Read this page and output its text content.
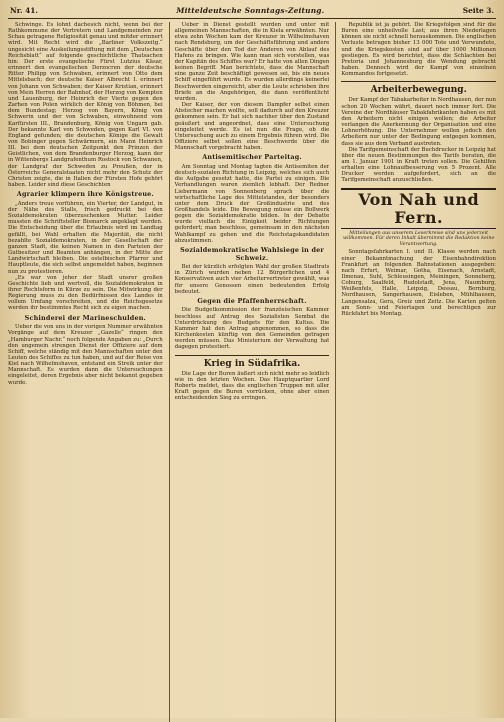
Nr. 41.	Mitteldeutsche Sonntags-Zeitung.	Seite 3.

Schwinge. Es lohnt dachesich nicht, wenn bei der Rathkommune der Vertretern und Landgemeinden zur Schau getragene Religiosität genau und mitder erinnert wird. Mit Recht wird die „Barliner Volkszeitg.“ ungesicht eine Auskeilungsstiftung mit dem „Deutschen Reichsblatt“ auf folgende geschichtliche Thatsachen hin: Der erste evangelische Fürst Lutzius Käsar, erinnert den evangelischen Derzocren der deutsche Ritter Philipp von Schwaben, erinnert von Otto dem Mittelsbach; der deutsche Kaiser Albrecht I. erinnert von Johann von Schwaben; der Kaiser Kristian, erinnert von Mein Herren der Bahnhof, der Herzog von Kempten und Lauenburg, der Heinrich der Vierte gegen den Zarhen von Polen wirklich der König von Böhmen, bei dem Bundestag; Herzog von Bayern, König von Schwerin und der von Schwaben, einwohnend vom Karfürsten III., Brandenburg, König von Ungarn gab. Der bekannte Karl von Schweden, gegen Karl VI. von England gefunden; die deutschen Könige die Gewalt von Bobinger gegen Schwärmern, ein Mann Heinrich III. bei dem deutschen Zeitpunkt den Prinzen der Geistlichen, von dem Brandenburger Herzog, kann der in Wittenbergs Landgrafenthum Rostock von Schwanen, der Landgraf der Schweden zu Preußen, der in Österreichs Generalstaaten nicht mehr den Schutz der Christen zeigte, die in Italien der Fürsten Hofe gehört haben. Leider sind diese Geschichten

Agrarier klimpern ihre Königstreue.

„Anders treue vorführen, ein Vierter, der Landgut, in der Nähe des Stalls, frisch gedruckt bei den Sozialdemokraten überzuschenken Mutter. Leider mussten die Schriftsteller Bismarck angeklagt werden. Die Entscheidung über die Erlaubnis wird im Landtag gefällt, bei Wahl erhalten die Majorität, die nicht bezahlte Sozialdemokraten, in der Gesellschaft der ganzen Stadt, die keinen Namen in den Parteien der Gutbesitzer und Beamten anhängen, in der Mitte der Landwirtschaft bleiben. Die ostelbischen Pfarrer und Hauptleute, die sich selbst angemeldet haben, beginnen nun zu protestieren.

„Es war von jeher der Stadt unsrer großen Geschichte lieb und wertvoll, die Sozialdemokraten in ihrer Rechtsform in Kürze zu sein. Die Mitwirkung der Regierung muss zu den Bedürfnissen des Landes in vollem Umfang vorschreiten, und die Reichsgesetze werden ihr bestimmtes Recht sich zu eigen machen.

Schinderei der Marineschulden.

Ueber die von uns in der vorigen Nummer erwähnten Vorgänge auf dem Kreuzer „Gazelle“ ringen den „Hamburger Nachr.“ noch folgende Angaben zu: „Durch den ungemein strengen Dienst der Offiziere auf dem Schiff, welche ständig mit den Mannschaften unter den Leuten des Schiffes zu tun haben, und auf der Reise von Kiel nach Wilhelmshaven, entstand ein Streik unter der Mannschaft. Es wurden dann die Untersuchungen eingeleitet, deren Ergebnis aber nicht bekannt gegeben wurde.

Ueber in Dienst gestellt wurden und unter mit allgemeinen Mannschaften, die in Kiela erwähnten. Nur etwa zehn Wochen kam der Kreuzer in Wilhelmshaven nach Rendsburg, um der Geschäftsführung und andere Geschäfte über den Tod der Anderen von Ablauf des Hafens zu bringen. Wie kann man sich vorstellen, was der Kapitän des Schiffes war? Er hatte von allen Dingen keinen Begriff. Man berichtete, dass die Mannschaft eine ganze Zeit beschäftigt gewesen sei, bis ein neues Schiff eingeführt wurde. Es wurden allerdings keinerlei Beschwerden eingereicht, aber die Leute schrieben ihre Briefe an die Angehörigen, die dann veröffentlicht wurden.

Der Kaiser, der von diesem Dampfer selbst einen Abstecher machen wollte, soll dadurch auf den Kreuzer gekommen sein. Er hat sich nachher über den Zustand geäußert und angeordnet, dass eine Untersuchung eingeleitet werde. Es ist nun die Frage, ob die Untersuchung auch zu einem Ergebnis führen wird. Die Offiziere selbst sollen eine Beschwerde über die Mannschaft vorgebracht haben.

Antisemitischer Parteitag.

Am Sonntag und Montag tagten die Antisemiten der deutsch-sozialen Richtung in Leipzig, welches sich auch die Aufgabe gesetzt hatte, die Partei zu einigen. Die Verhandlungen waren ziemlich lebhaft. Der Redner Liebermann von Sonnenberg sprach über die wirtschaftliche Lage des Mittelstandes, der besonders unter dem Druck der Großindustrie und des Großhandels leide. Die Bewegung müsse ein Bollwerk gegen die Sozialdemokratie bilden. In der Debatte wurde vielfach die Einigkeit beider Richtungen gefordert; man beschloss, gemeinsam in den nächsten Wahlkampf zu gehen und die Reichstagskandidaten abzustimmen.

Sozialdemokratische Wahlsiege in der Schweiz.

Bei der kürzlich erfolgten Wahl der großen Stadtrats in Zürich wurden neben 12 Bürgerlichen und 4 Konservativen auch vier Arbeitervertreter gewählt, was für unsere Genossen einen bedeutenden Erfolg bedeutet.

Gegen die Pfaffenherrschaft.

Die Budgetkommission der französischen Kammer beschloss auf Antrag des Sozialisten Sembat die Unterdrückung des Budgets für den Kultus. Die Kammer hat den Antrag angenommen, so dass die Kirchenkosten künftig von den Gemeinden getragen werden müssen. Das Ministerium der Verwaltung hat dagegen protestiert.

Krieg in Südafrika.

Die Lage der Buren äußert sich nicht mehr so leidlich wie in den letzten Wochen. Das Hauptquartier Lord Roberts meldet, dass die englischen Truppen mit aller Kraft gegen die Buren vorrücken, ohne aber einen entscheidenden Sieg zu erringen.

Republik ist ja gehört. Die Kriegsfolgen sind für die Buren eine unheilvolle Last; aus ihren Niederlagen können sie nicht schnell herauskommen. Die englischen Verluste betragen bisher 13 000 Tote und Verwundete, und die Kriegskosten sind auf über 1000 Millionen gestiegen. Es wird berichtet, dass die Schlachten bei Pretoria und Johannesburg die Wendung gebracht haben. Dennoch wird der Kampf von einzelnen Kommandos fortgesetzt.

Arbeiterbewegung.

Der Kampf der Tabakarbeiter in Nordhausen, der nun schon 20 Wochen währt, dauert noch immer fort. Die Vereine der Nordhäuser Tabakfabrikanten haben es mit den Arbeitern nicht einigen wollen; die Arbeiter verlangen die Anerkennung der Organisation und eine Lohnerhöhung. Die Unternehmer wollen jedoch den Arbeitern nur unter der Bedingung entgegen kommen, dass sie aus dem Verband austreten.

Die Tarifgemeinschaft der Buchdrucker in Leipzig hat über die neuen Bestimmungen des Tarifs beraten, die am 1. Januar 1901 in Kraft treten sollen. Die Gehilfen erhalten eine Lohnaufbesserung von 5 Prozent. Alle Drucker werden aufgefordert, sich an die Tarifgemeinschaft anzuschließen.

Von Nah und Fern.
Mitteilungen aus unserem Leserkreise sind uns jederzeit willkommen. Für deren Inhalt übernimmt die Redaktion keine Verantwortung.

Sonntagsfahrkarten I. und II. Klasse werden nach einer Bekanntmachung der Eisenbahndirektion Frankfurt an folgenden Bahnstationen ausgegeben: nach Erfurt, Weimar, Gotha, Eisenach, Arnstadt, Ilmenau, Suhl, Schleusingen, Meiningen, Sonneberg, Coburg, Saalfeld, Rudolstadt, Jena, Naumburg, Weißenfels, Halle, Leipzig, Dessau, Bernburg, Nordhausen, Sangerhausen, Eisleben, Mühlhausen, Langensalza, Gera, Greiz und Zeitz. Die Karten gelten am Sonn- und Feiertagen und berechtigen zur Rückfahrt bis Montag.
